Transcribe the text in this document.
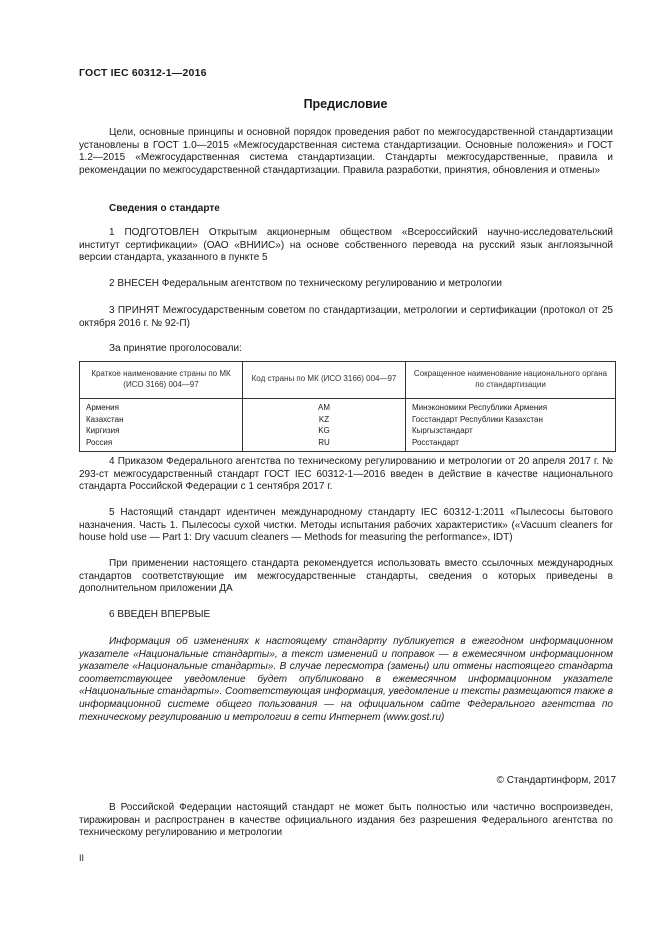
ГОСТ IEC 60312-1—2016
Предисловие
Цели, основные принципы и основной порядок проведения работ по межгосударственной стандартизации установлены в ГОСТ 1.0—2015 «Межгосударственная система стандартизации. Основные положения» и ГОСТ 1.2—2015 «Межгосударственная система стандартизации. Стандарты межгосударственные, правила и рекомендации по межгосударственной стандартизации. Правила разработки, принятия, обновления и отмены»
Сведения о стандарте
1 ПОДГОТОВЛЕН Открытым акционерным обществом «Всероссийский научно-исследовательский институт сертификации» (ОАО «ВНИИС») на основе собственного перевода на русский язык англоязычной версии стандарта, указанного в пункте 5
2 ВНЕСЕН Федеральным агентством по техническому регулированию и метрологии
3 ПРИНЯТ Межгосударственным советом по стандартизации, метрологии и сертификации (протокол от 25 октября 2016 г. № 92-П)
За принятие проголосовали:
Краткое наименование страны по МК (ИСО 3166) 004—97	Код страны по МК (ИСО 3166) 004—97	Сокращенное наименование национального органа по стандартизации
Армения	AM	Минэкономики Республики Армения
Казахстан	KZ	Госстандарт Республики Казахстан
Киргизия	KG	Кыргызстандарт
Россия	RU	Росстандарт
4 Приказом Федерального агентства по техническому регулированию и метрологии от 20 апреля 2017 г. № 293-ст межгосударственный стандарт ГОСТ IEC 60312-1—2016 введен в действие в качестве национального стандарта Российской Федерации с 1 сентября 2017 г.
5 Настоящий стандарт идентичен международному стандарту IEC 60312-1:2011 «Пылесосы бытового назначения. Часть 1. Пылесосы сухой чистки. Методы испытания рабочих характеристик» («Vacuum cleaners for house hold use — Part 1: Dry vacuum cleaners — Methods for measuring the performance», IDT)
При применении настоящего стандарта рекомендуется использовать вместо ссылочных международных стандартов соответствующие им межгосударственные стандарты, сведения о которых приведены в дополнительном приложении ДА
6 ВВЕДЕН ВПЕРВЫЕ
Информация об изменениях к настоящему стандарту публикуется в ежегодном информационном указателе «Национальные стандарты», а текст изменений и поправок — в ежемесячном информационном указателе «Национальные стандарты». В случае пересмотра (замены) или отмены настоящего стандарта соответствующее уведомление будет опубликовано в ежемесячном информационном указателе «Национальные стандарты». Соответствующая информация, уведомление и тексты размещаются также в информационной системе общего пользования — на официальном сайте Федерального агентства по техническому регулированию и метрологии в сети Интернет (www.gost.ru)
© Стандартинформ, 2017
В Российской Федерации настоящий стандарт не может быть полностью или частично воспроизведен, тиражирован и распространен в качестве официального издания без разрешения Федерального агентства по техническому регулированию и метрологии
II
